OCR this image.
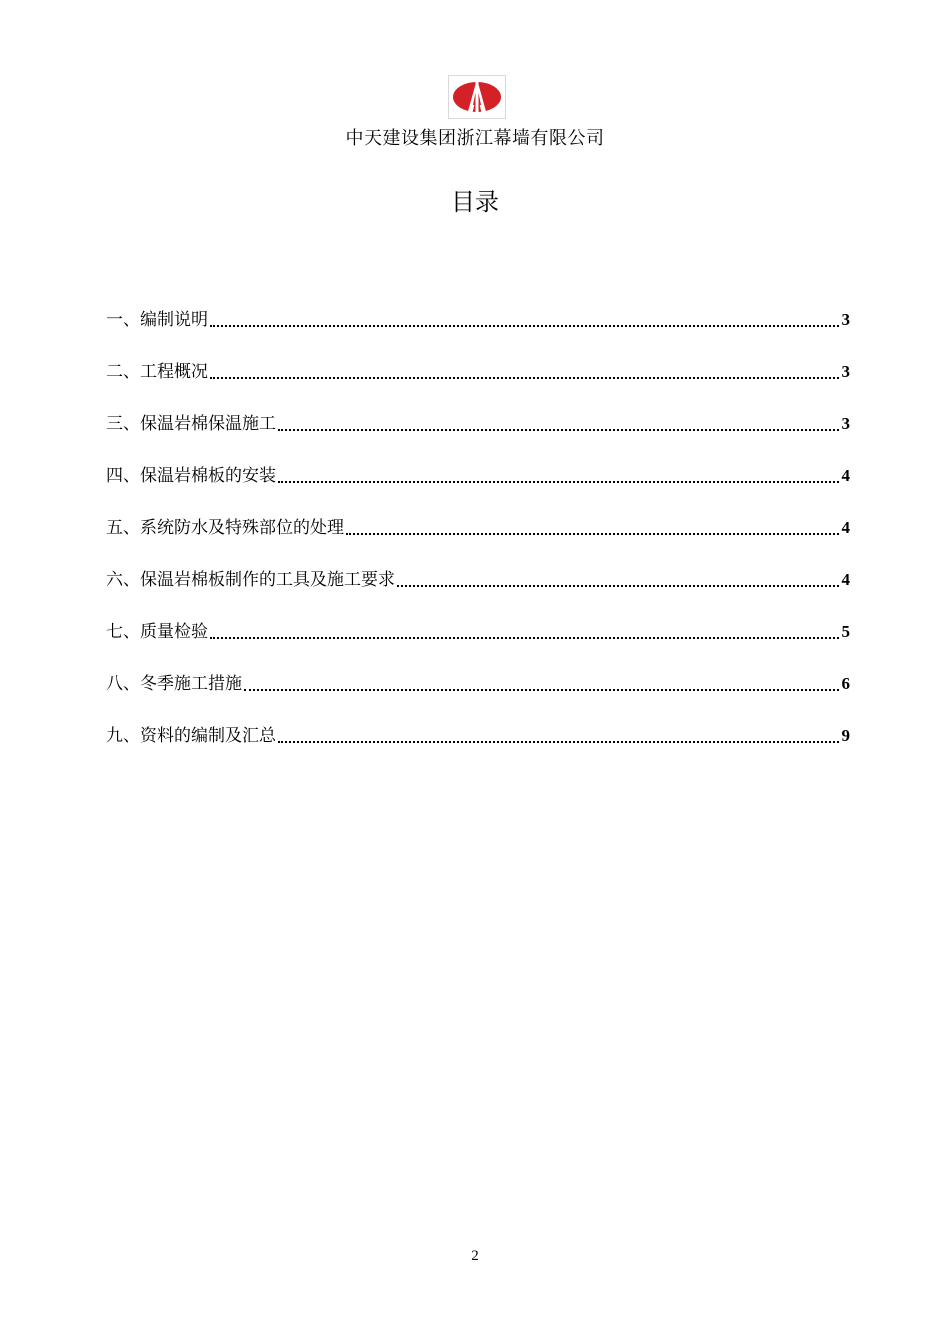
中天建设集团浙江幕墙有限公司
目录
一、编制说明	3
二、工程概况	3
三、保温岩棉保温施工	3
四、保温岩棉板的安装	4
五、系统防水及特殊部位的处理	4
六、保温岩棉板制作的工具及施工要求	4
七、质量检验	5
八、冬季施工措施	6
九、资料的编制及汇总	9
2
